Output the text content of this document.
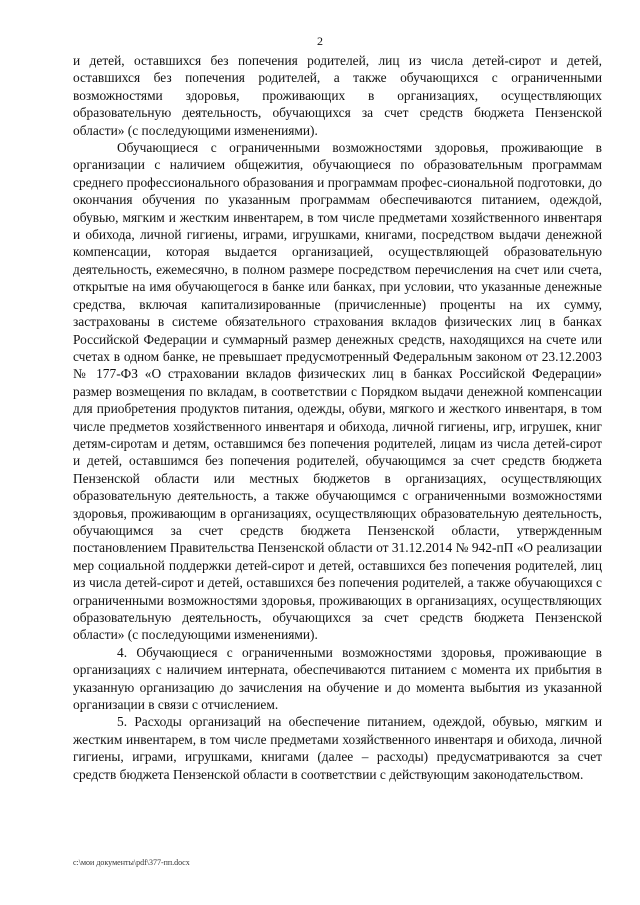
2

и детей, оставшихся без попечения родителей, лиц из числа детей-сирот и детей, оставшихся без попечения родителей, а также обучающихся с ограниченными возможностями здоровья, проживающих в организациях, осуществляющих образовательную деятельность, обучающихся за счет средств бюджета Пензенской области» (с последующими изменениями).

Обучающиеся с ограниченными возможностями здоровья, проживающие в организации с наличием общежития, обучающиеся по образовательным программам среднего профессионального образования и программам профес-сиональной подготовки, до окончания обучения по указанным программам обеспечиваются питанием, одеждой, обувью, мягким и жестким инвентарем, в том числе предметами хозяйственного инвентаря и обихода, личной гигиены, играми, игрушками, книгами, посредством выдачи денежной компенсации, которая выдается организацией, осуществляющей образовательную деятельность, ежемесячно, в полном размере посредством перечисления на счет или счета, открытые на имя обучающегося в банке или банках, при условии, что указанные денежные средства, включая капитализированные (причисленные) проценты на их сумму, застрахованы в системе обязательного страхования вкладов физических лиц в банках Российской Федерации и суммарный размер денежных средств, находящихся на счете или счетах в одном банке, не превышает предусмотренный Федеральным законом от 23.12.2003 № 177-ФЗ «О страховании вкладов физических лиц в банках Российской Федерации» размер возмещения по вкладам, в соответствии с Порядком выдачи денежной компенсации для приобретения продуктов питания, одежды, обуви, мягкого и жесткого инвентаря, в том числе предметов хозяйственного инвентаря и обихода, личной гигиены, игр, игрушек, книг детям-сиротам и детям, оставшимся без попечения родителей, лицам из числа детей-сирот и детей, оставшимся без попечения родителей, обучающимся за счет средств бюджета Пензенской области или местных бюджетов в организациях, осуществляющих образовательную деятельность, а также обучающимся с ограниченными возможностями здоровья, проживающим в организациях, осуществляющих образовательную деятельность, обучающимся за счет средств бюджета Пензенской области, утвержденным постановлением Правительства Пензенской области от 31.12.2014 № 942-пП «О реализации мер социальной поддержки детей-сирот и детей, оставшихся без попечения родителей, лиц из числа детей-сирот и детей, оставшихся без попечения родителей, а также обучающихся с ограниченными возможностями здоровья, проживающих в организациях, осуществляющих образовательную деятельность, обучающихся за счет средств бюджета Пензенской области» (с последующими изменениями).

4. Обучающиеся с ограниченными возможностями здоровья, проживающие в организациях с наличием интерната, обеспечиваются питанием с момента их прибытия в указанную организацию до зачисления на обучение и до момента выбытия из указанной организации в связи с отчислением.

5. Расходы организаций на обеспечение питанием, одеждой, обувью, мягким и жестким инвентарем, в том числе предметами хозяйственного инвентаря и обихода, личной гигиены, играми, игрушками, книгами (далее – расходы) предусматриваются за счет средств бюджета Пензенской области в соответствии с действующим законодательством.

c:\мои документы\pdf\377-пп.docx
